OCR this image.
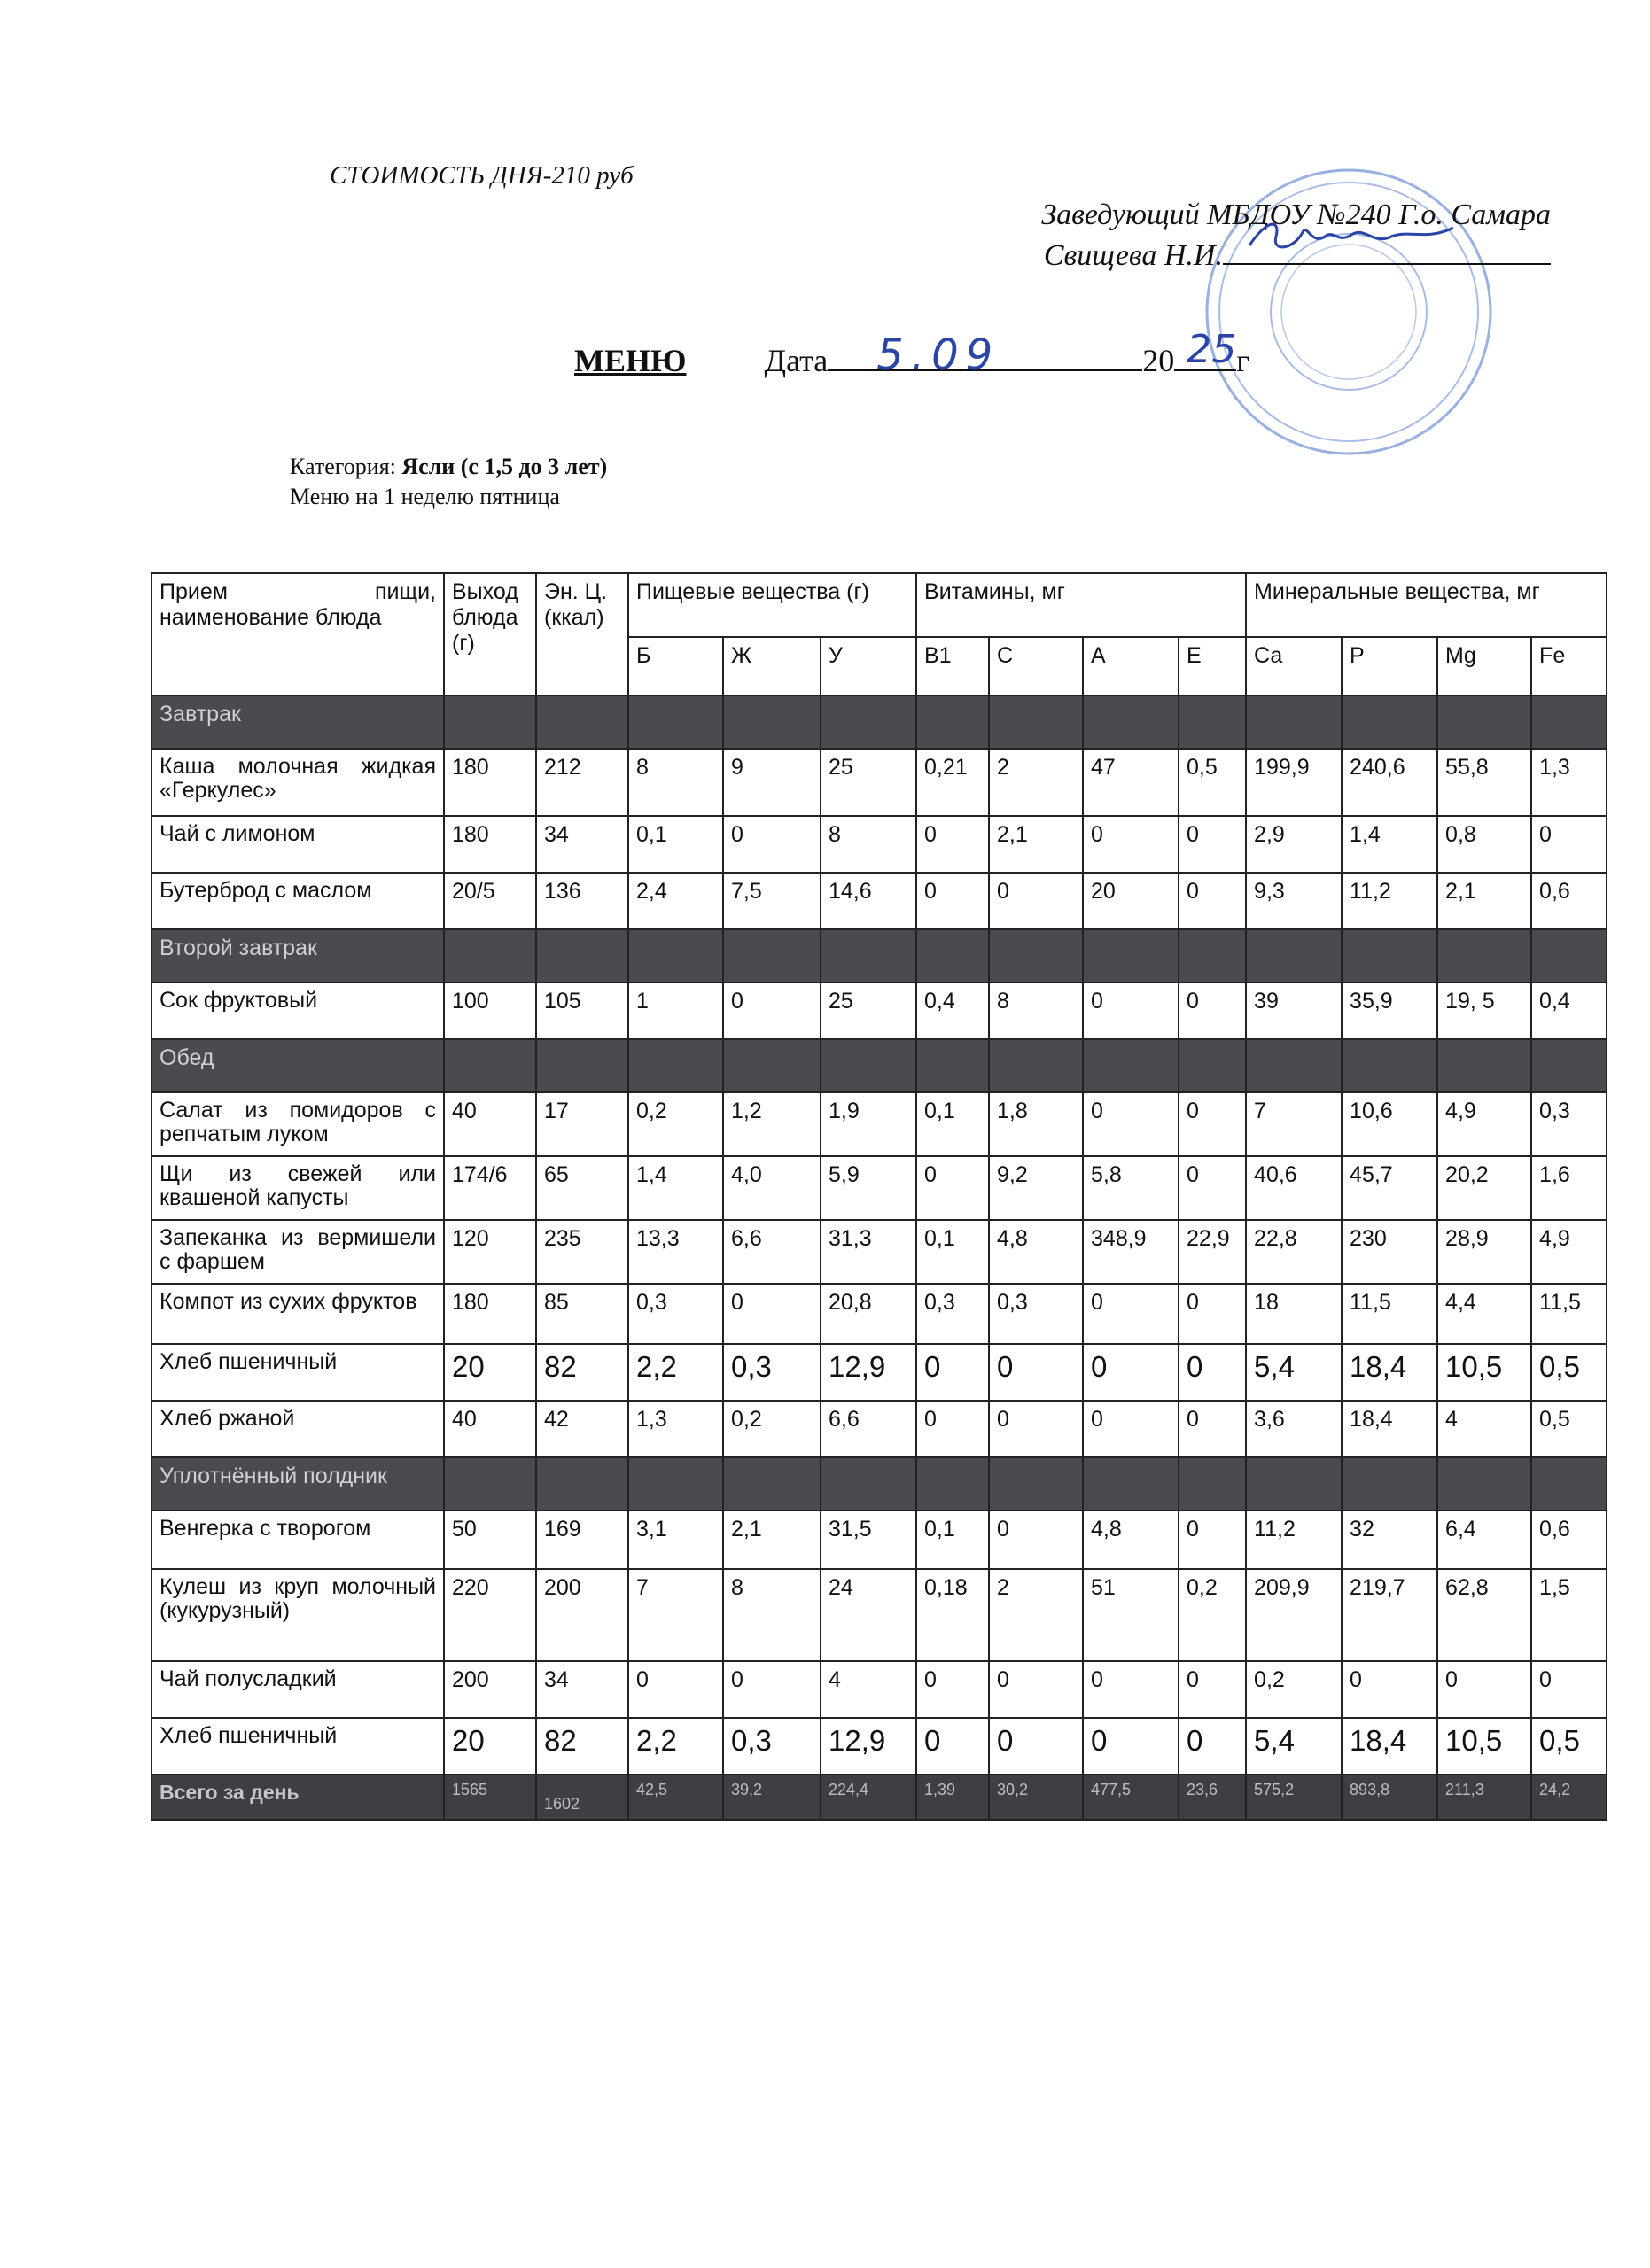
СТОИМОСТЬ ДНЯ-210 руб
Заведующий МБДОУ №240 Г.о. Самара
Свищева Н.И.
МЕНЮ Дата 5.09	20 25 г
Категория: Ясли (с 1,5 до 3 лет)
Меню на 1 неделю пятница
Прием пищи, наименование блюда	Выход блюда (г)	Эн. Ц. (ккал)	Пищевые вещества (г)			Витамины, мг				Минеральные вещества, мг			
			Б	Ж	У	В1	С	А	Е	Са	Р	Mg	Fe
Завтрак													
Каша молочная жидкая «Геркулес»	180	212	8	9	25	0,21	2	47	0,5	199,9	240,6	55,8	1,3
Чай с лимоном	180	34	0,1	0	8	0	2,1	0	0	2,9	1,4	0,8	0
Бутерброд с маслом	20/5	136	2,4	7,5	14,6	0	0	20	0	9,3	11,2	2,1	0,6
Второй завтрак													
Сок фруктовый	100	105	1	0	25	0,4	8	0	0	39	35,9	19, 5	0,4
Обед													
Салат из помидоров с репчатым луком	40	17	0,2	1,2	1,9	0,1	1,8	0	0	7	10,6	4,9	0,3
Щи из свежей или квашеной капусты	174/6	65	1,4	4,0	5,9	0	9,2	5,8	0	40,6	45,7	20,2	1,6
Запеканка из вермишели с фаршем	120	235	13,3	6,6	31,3	0,1	4,8	348,9	22,9	22,8	230	28,9	4,9
Компот из сухих фруктов	180	85	0,3	0	20,8	0,3	0,3	0	0	18	11,5	4,4	11,5
Хлеб пшеничный	20	82	2,2	0,3	12,9	0	0	0	0	5,4	18,4	10,5	0,5
Хлеб ржаной	40	42	1,3	0,2	6,6	0	0	0	0	3,6	18,4	4	0,5
Уплотнённый полдник													
Венгерка с творогом	50	169	3,1	2,1	31,5	0,1	0	4,8	0	11,2	32	6,4	0,6
Кулеш из круп молочный (кукурузный)	220	200	7	8	24	0,18	2	51	0,2	209,9	219,7	62,8	1,5
Чай полусладкий	200	34	0	0	4	0	0	0	0	0,2	0	0	0
Хлеб пшеничный	20	82	2,2	0,3	12,9	0	0	0	0	5,4	18,4	10,5	0,5
Всего за день	1565	1602	42,5	39,2	224,4	1,39	30,2	477,5	23,6	575,2	893,8	211,3	24,2
